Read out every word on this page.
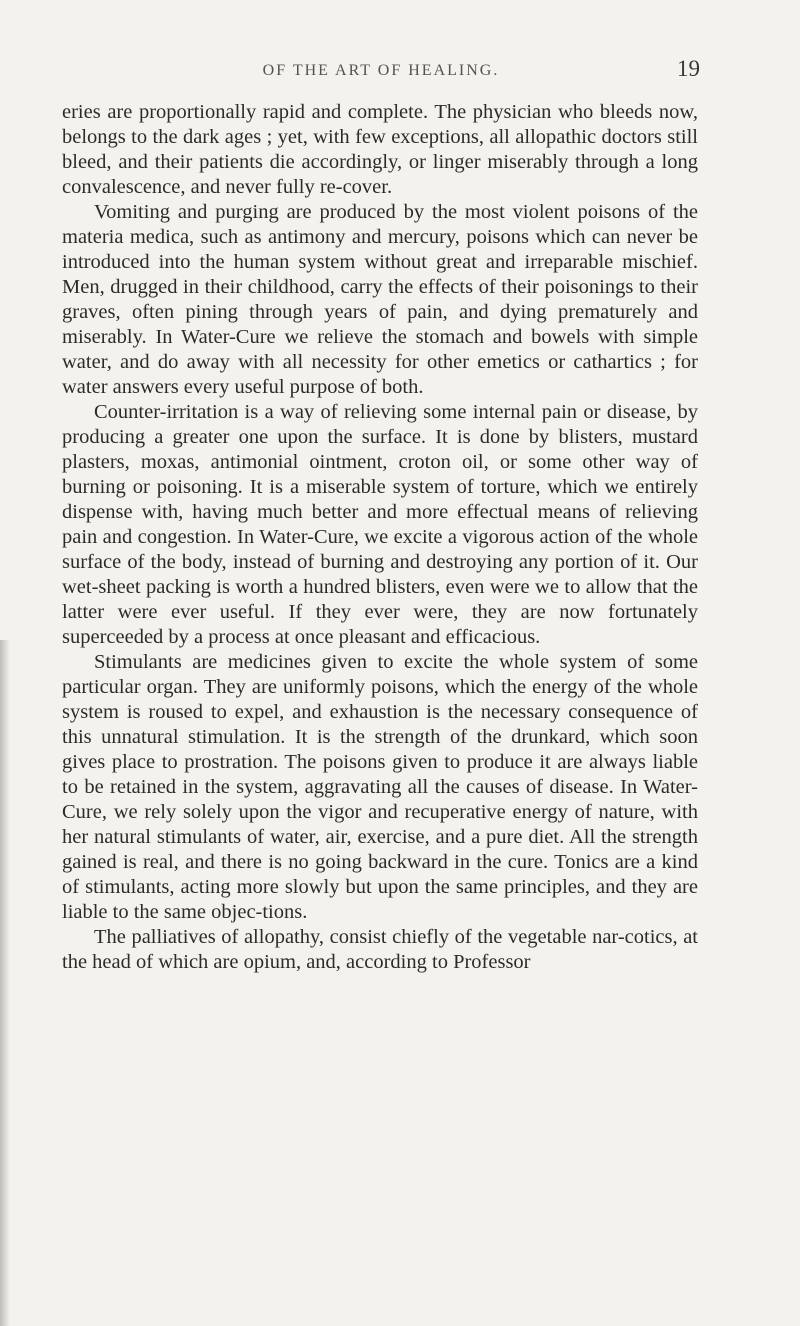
OF THE ART OF HEALING.	19

eries are proportionally rapid and complete. The physician who bleeds now, belongs to the dark ages ; yet, with few exceptions, all allopathic doctors still bleed, and their patients die accordingly, or linger miserably through a long convalescence, and never fully re-cover.

Vomiting and purging are produced by the most violent poisons of the materia medica, such as antimony and mercury, poisons which can never be introduced into the human system without great and irreparable mischief. Men, drugged in their childhood, carry the effects of their poisonings to their graves, often pining through years of pain, and dying prematurely and miserably. In Water-Cure we relieve the stomach and bowels with simple water, and do away with all necessity for other emetics or cathartics ; for water answers every useful purpose of both.

Counter-irritation is a way of relieving some internal pain or disease, by producing a greater one upon the surface. It is done by blisters, mustard plasters, moxas, antimonial ointment, croton oil, or some other way of burning or poisoning. It is a miserable system of torture, which we entirely dispense with, having much better and more effectual means of relieving pain and congestion. In Water-Cure, we excite a vigorous action of the whole surface of the body, instead of burning and destroying any portion of it. Our wet-sheet packing is worth a hundred blisters, even were we to allow that the latter were ever useful. If they ever were, they are now fortunately superceeded by a process at once pleasant and efficacious.

Stimulants are medicines given to excite the whole system of some particular organ. They are uniformly poisons, which the energy of the whole system is roused to expel, and exhaustion is the necessary consequence of this unnatural stimulation. It is the strength of the drunkard, which soon gives place to prostration. The poisons given to produce it are always liable to be retained in the system, aggravating all the causes of disease. In Water-Cure, we rely solely upon the vigor and recuperative energy of nature, with her natural stimulants of water, air, exercise, and a pure diet. All the strength gained is real, and there is no going backward in the cure. Tonics are a kind of stimulants, acting more slowly but upon the same principles, and they are liable to the same objec-tions.

The palliatives of allopathy, consist chiefly of the vegetable nar-cotics, at the head of which are opium, and, according to Professor
